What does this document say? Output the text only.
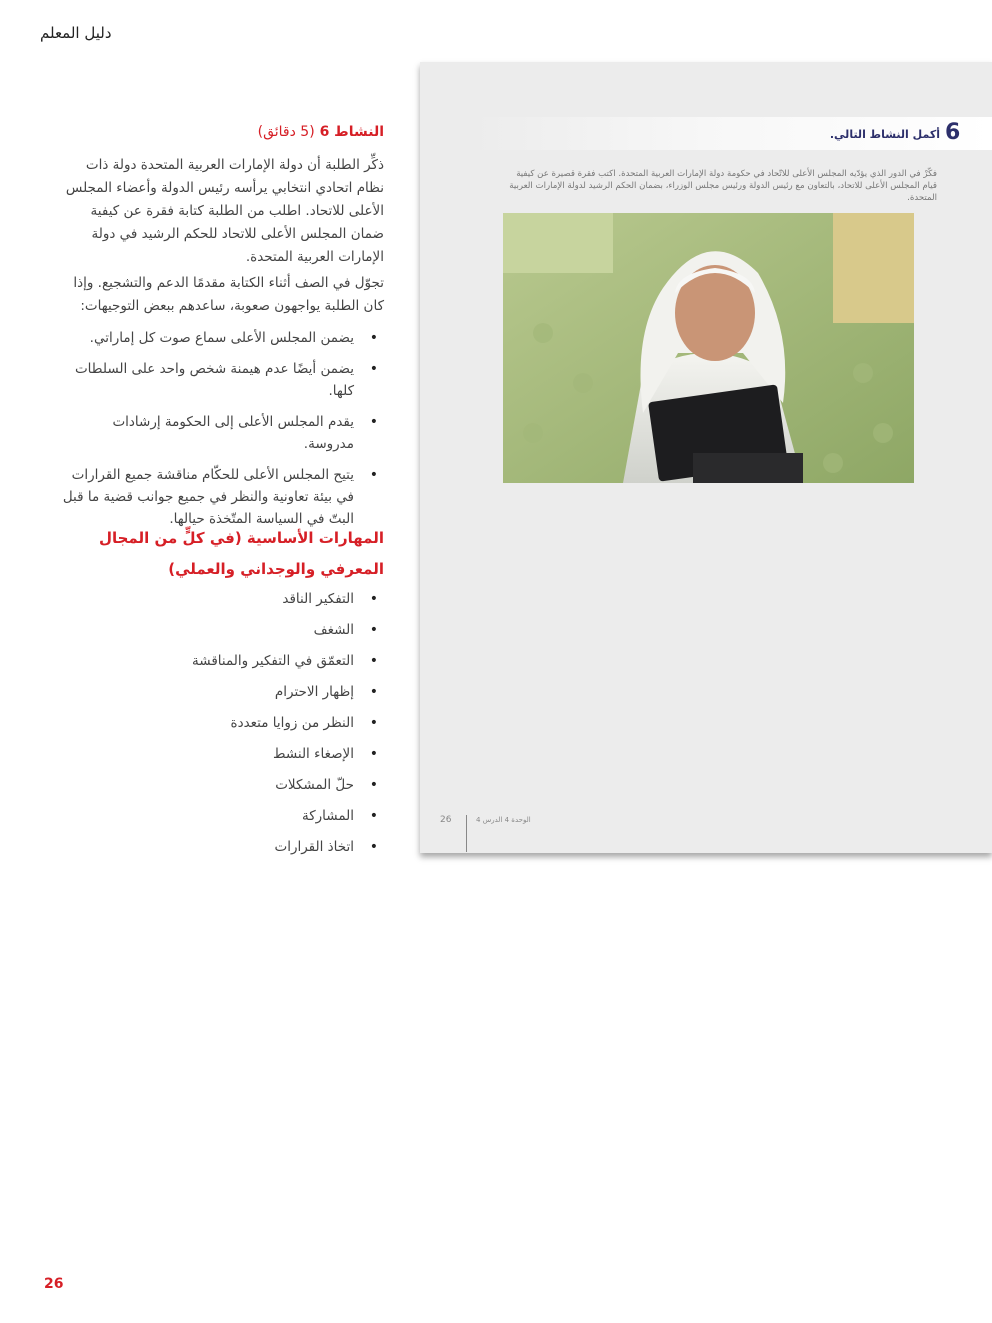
دليل المعلم
6
أكمل النشاط التالي.
فكّرْ في الدور الذي يؤدّيه المجلس الأعلى للاتّحاد في حكومة دولة الإمارات العربية المتحدة. اكتب فقرة قصيرة عن كيفية قيام المجلس الأعلى للاتحاد، بالتعاون مع رئيس الدولة ورئيس مجلس الوزراء، بضمان الحكم الرشيد لدولة الإمارات العربية المتحدة.
26	الوحدة 4 الدرس 4
النشاط 6 (5 دقائق)
ذكِّر الطلبة أن دولة الإمارات العربية المتحدة دولة ذات نظام اتحادي انتخابي يرأسه رئيس الدولة وأعضاء المجلس الأعلى للاتحاد. اطلب من الطلبة كتابة فقرة عن كيفية ضمان المجلس الأعلى للاتحاد للحكم الرشيد في دولة الإمارات العربية المتحدة.
تجوّل في الصف أثناء الكتابة مقدمًا الدعم والتشجيع. وإذا كان الطلبة يواجهون صعوبة، ساعدهم ببعض التوجيهات:
• يضمن المجلس الأعلى سماع صوت كل إماراتي.
• يضمن أيضًا عدم هيمنة شخص واحد على السلطات كلها.
• يقدم المجلس الأعلى إلى الحكومة إرشادات مدروسة.
• يتيح المجلس الأعلى للحكّام مناقشة جميع القرارات في بيئة تعاونية والنظر في جميع جوانب قضية ما قبل البتّ في السياسة المتّخذة حيالها.
المهارات الأساسية (في كلٍّ من المجال المعرفي والوجداني والعملي)
• التفكير الناقد
• الشغف
• التعمّق في التفكير والمناقشة
• إظهار الاحترام
• النظر من زوايا متعددة
• الإصغاء النشط
• حلّ المشكلات
• المشاركة
• اتخاذ القرارات
26
